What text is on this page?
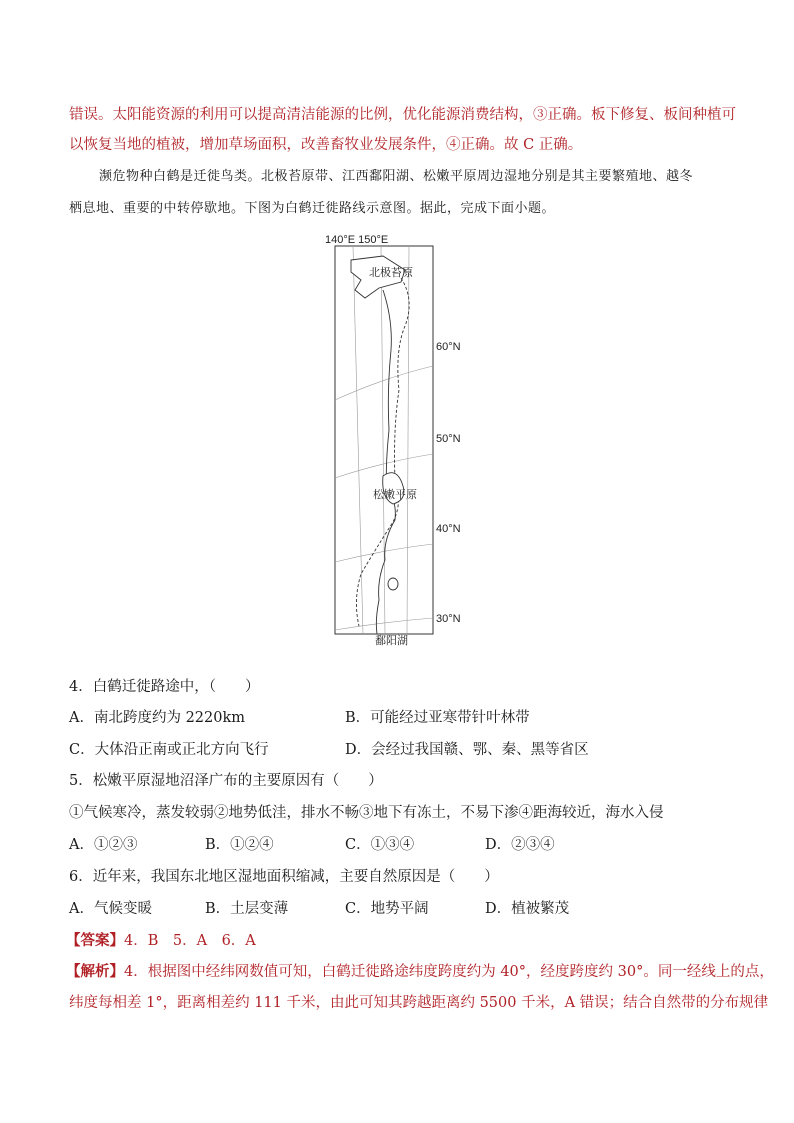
错误。太阳能资源的利用可以提高清洁能源的比例，优化能源消费结构，③正确。板下修复、板间种植可
以恢复当地的植被，增加草场面积，改善畜牧业发展条件，④正确。故 C 正确。
濒危物种白鹤是迁徙鸟类。北极苔原带、江西鄱阳湖、松嫩平原周边湿地分别是其主要繁殖地、越冬
栖息地、重要的中转停歇地。下图为白鹤迁徙路线示意图。据此，完成下面小题。
140°E 150°E
北极苔原
松嫩平原
鄱阳湖
60°N
50°N
40°N
30°N
4．白鹤迁徙路途中，（　　）
A．南北跨度约为 2220km	B．可能经过亚寒带针叶林带
C．大体沿正南或正北方向飞行	D．会经过我国赣、鄂、秦、黑等省区
5．松嫩平原湿地沼泽广布的主要原因有（　　）
①气候寒冷，蒸发较弱②地势低洼，排水不畅③地下有冻土，不易下渗④距海较近，海水入侵
A．①②③	B．①②④	C．①③④	D．②③④
6．近年来，我国东北地区湿地面积缩减，主要自然原因是（　　）
A．气候变暖	B．土层变薄	C．地势平阔	D．植被繁茂
【答案】4．B　5．A　6．A
【解析】4．根据图中经纬网数值可知，白鹤迁徙路途纬度跨度约为 40°，经度跨度约 30°。同一经线上的点，
纬度每相差 1°，距离相差约 111 千米，由此可知其跨越距离约 5500 千米，A 错误；结合自然带的分布规律
